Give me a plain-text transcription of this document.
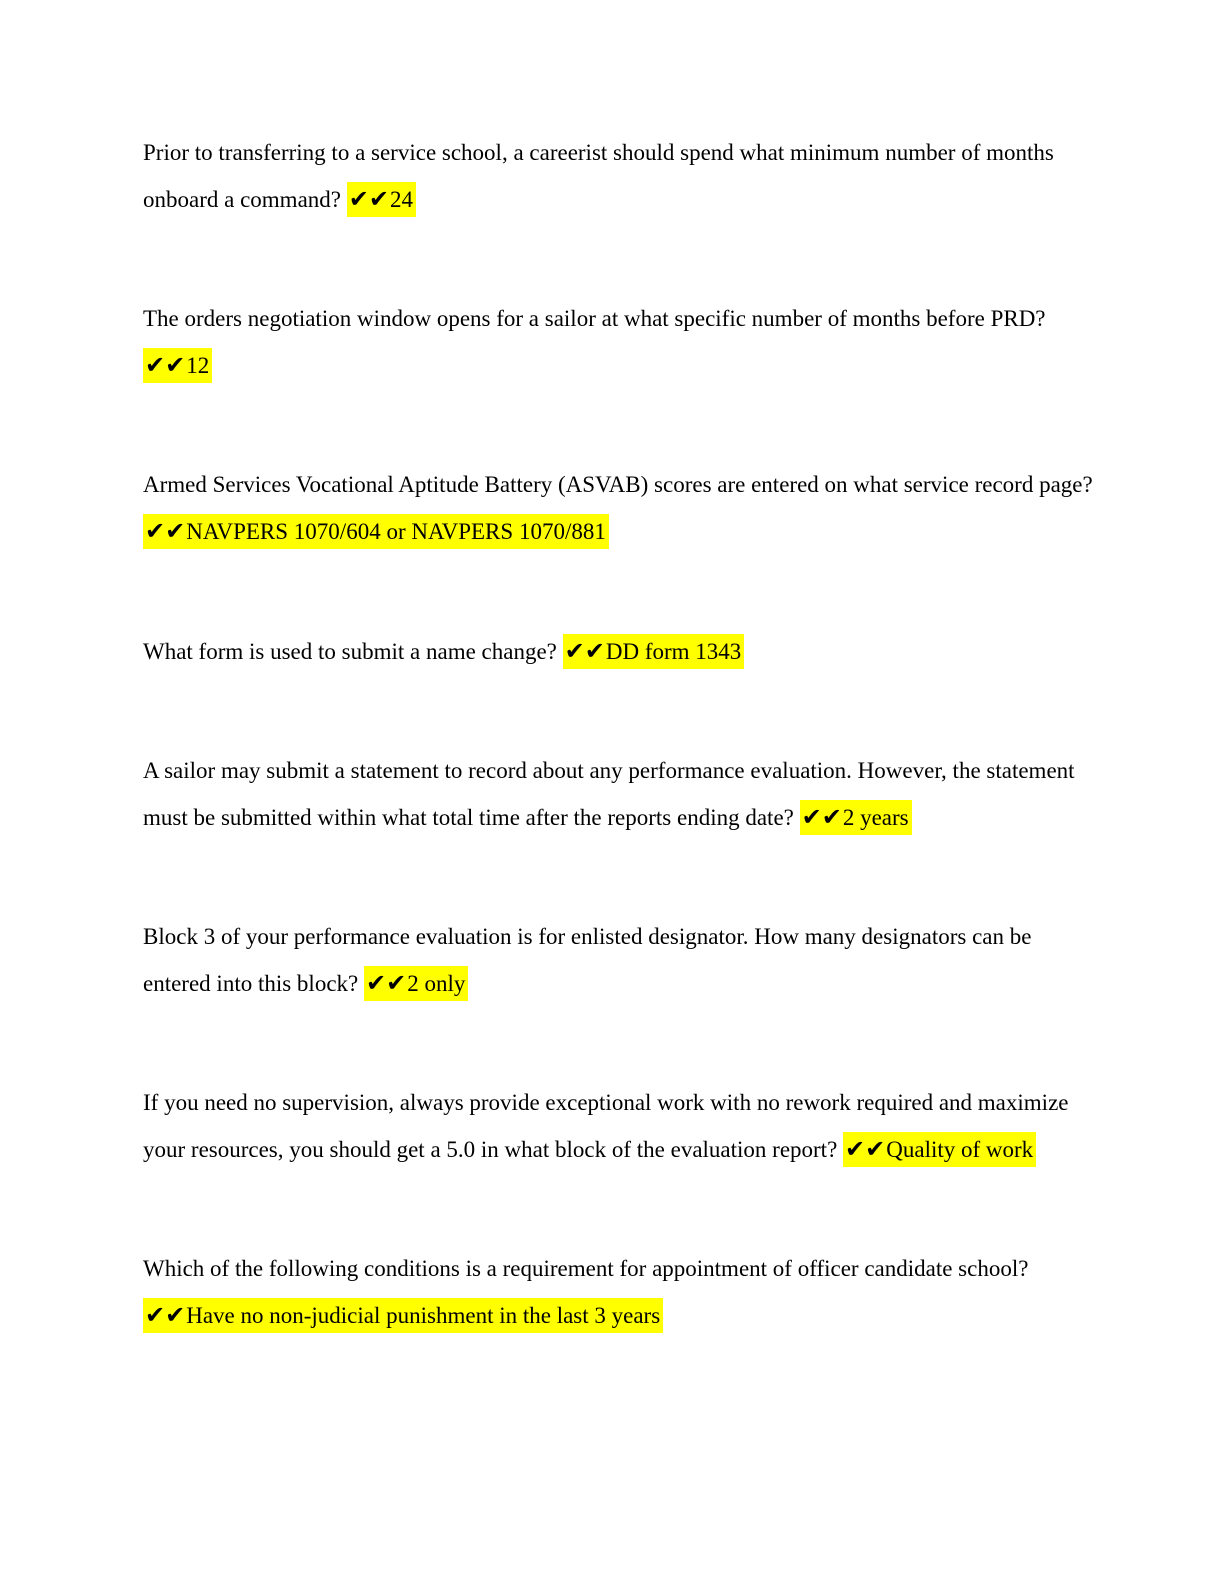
Prior to transferring to a service school, a careerist should spend what minimum number of months onboard a command? ✔✔24

The orders negotiation window opens for a sailor at what specific number of months before PRD? ✔✔12

Armed Services Vocational Aptitude Battery (ASVAB) scores are entered on what service record page? ✔✔NAVPERS 1070/604 or NAVPERS 1070/881

What form is used to submit a name change? ✔✔DD form 1343

A sailor may submit a statement to record about any performance evaluation. However, the statement must be submitted within what total time after the reports ending date? ✔✔2 years

Block 3 of your performance evaluation is for enlisted designator. How many designators can be entered into this block? ✔✔2 only

If you need no supervision, always provide exceptional work with no rework required and maximize your resources, you should get a 5.0 in what block of the evaluation report? ✔✔Quality of work

Which of the following conditions is a requirement for appointment of officer candidate school? ✔✔Have no non-judicial punishment in the last 3 years
